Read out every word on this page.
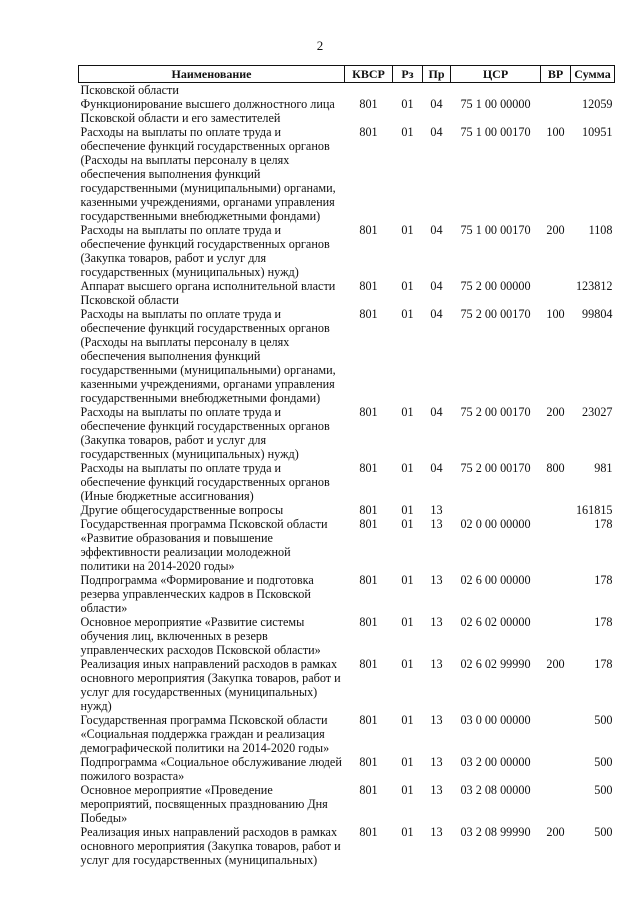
2
Наименование	КВСР	Рз	Пр	ЦСР	ВР	Сумма
Псковской области						
Функционирование высшего должностного лица Псковской области и его заместителей	801	01	04	75 1 00 00000		12059
Расходы на выплаты по оплате труда и обеспечение функций государственных органов (Расходы на выплаты персоналу в целях обеспечения выполнения функций государственными (муниципальными) органами, казенными учреждениями, органами управления государственными внебюджетными фондами)	801	01	04	75 1 00 00170	100	10951
Расходы на выплаты по оплате труда и обеспечение функций государственных органов (Закупка товаров, работ и услуг для государственных (муниципальных) нужд)	801	01	04	75 1 00 00170	200	1108
Аппарат высшего органа исполнительной власти Псковской области	801	01	04	75 2 00 00000		123812
Расходы на выплаты по оплате труда и обеспечение функций государственных органов (Расходы на выплаты персоналу в целях обеспечения выполнения функций государственными (муниципальными) органами, казенными учреждениями, органами управления государственными внебюджетными фондами)	801	01	04	75 2 00 00170	100	99804
Расходы на выплаты по оплате труда и обеспечение функций государственных органов (Закупка товаров, работ и услуг для государственных (муниципальных) нужд)	801	01	04	75 2 00 00170	200	23027
Расходы на выплаты по оплате труда и обеспечение функций государственных органов (Иные бюджетные ассигнования)	801	01	04	75 2 00 00170	800	981
Другие общегосударственные вопросы	801	01	13			161815
Государственная программа Псковской области «Развитие образования и повышение эффективности реализации молодежной политики на 2014-2020 годы»	801	01	13	02 0 00 00000		178
Подпрограмма «Формирование и подготовка резерва управленческих кадров в Псковской области»	801	01	13	02 6 00 00000		178
Основное мероприятие «Развитие системы обучения лиц, включенных в резерв управленческих расходов Псковской области»	801	01	13	02 6 02 00000		178
Реализация иных направлений расходов в рамках основного мероприятия (Закупка товаров, работ и услуг для государственных (муниципальных) нужд)	801	01	13	02 6 02 99990	200	178
Государственная программа Псковской области «Социальная поддержка граждан и реализация демографической политики на 2014-2020 годы»	801	01	13	03 0 00 00000		500
Подпрограмма «Социальное обслуживание людей пожилого возраста»	801	01	13	03 2 00 00000		500
Основное мероприятие «Проведение мероприятий, посвященных празднованию Дня Победы»	801	01	13	03 2 08 00000		500
Реализация иных направлений расходов в рамках основного мероприятия (Закупка товаров, работ и услуг для государственных (муниципальных)	801	01	13	03 2 08 99990	200	500
